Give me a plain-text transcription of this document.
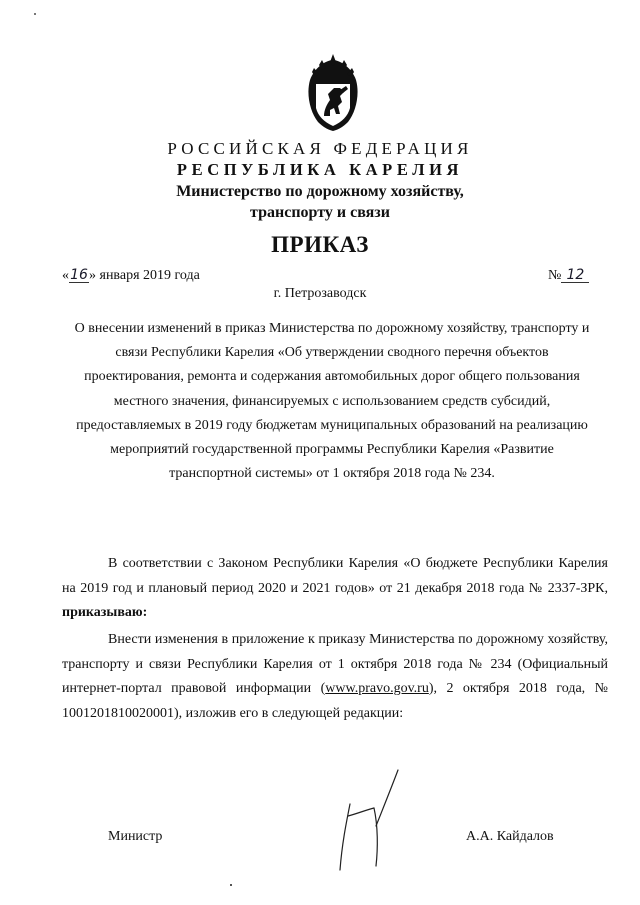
РОССИЙСКАЯ ФЕДЕРАЦИЯ
РЕСПУБЛИКА КАРЕЛИЯ
Министерство по дорожному хозяйству,
транспорту и связи
ПРИКАЗ
«16» января 2019 года	№ 12
г. Петрозаводск
О внесении изменений в приказ Министерства по дорожному хозяйству, транспорту и
связи Республики Карелия «Об утверждении сводного перечня объектов
проектирования, ремонта и содержания автомобильных дорог общего пользования
местного значения, финансируемых с использованием средств субсидий,
предоставляемых в 2019 году бюджетам муниципальных образований на реализацию
мероприятий государственной программы Республики Карелия «Развитие
транспортной системы» от 1 октября 2018 года № 234.
В соответствии с Законом Республики Карелия «О бюджете Республики Карелия на 2019 год и плановый период 2020 и 2021 годов» от 21 декабря 2018 года № 2337-ЗРК, приказываю:
Внести изменения в приложение к приказу Министерства по дорожному хозяйству, транспорту и связи Республики Карелия от 1 октября 2018 года № 234 (Официальный интернет-портал правовой информации (www.pravo.gov.ru), 2 октября 2018 года, № 1001201810020001), изложив его в следующей редакции:
Министр	А.А. Кайдалов
